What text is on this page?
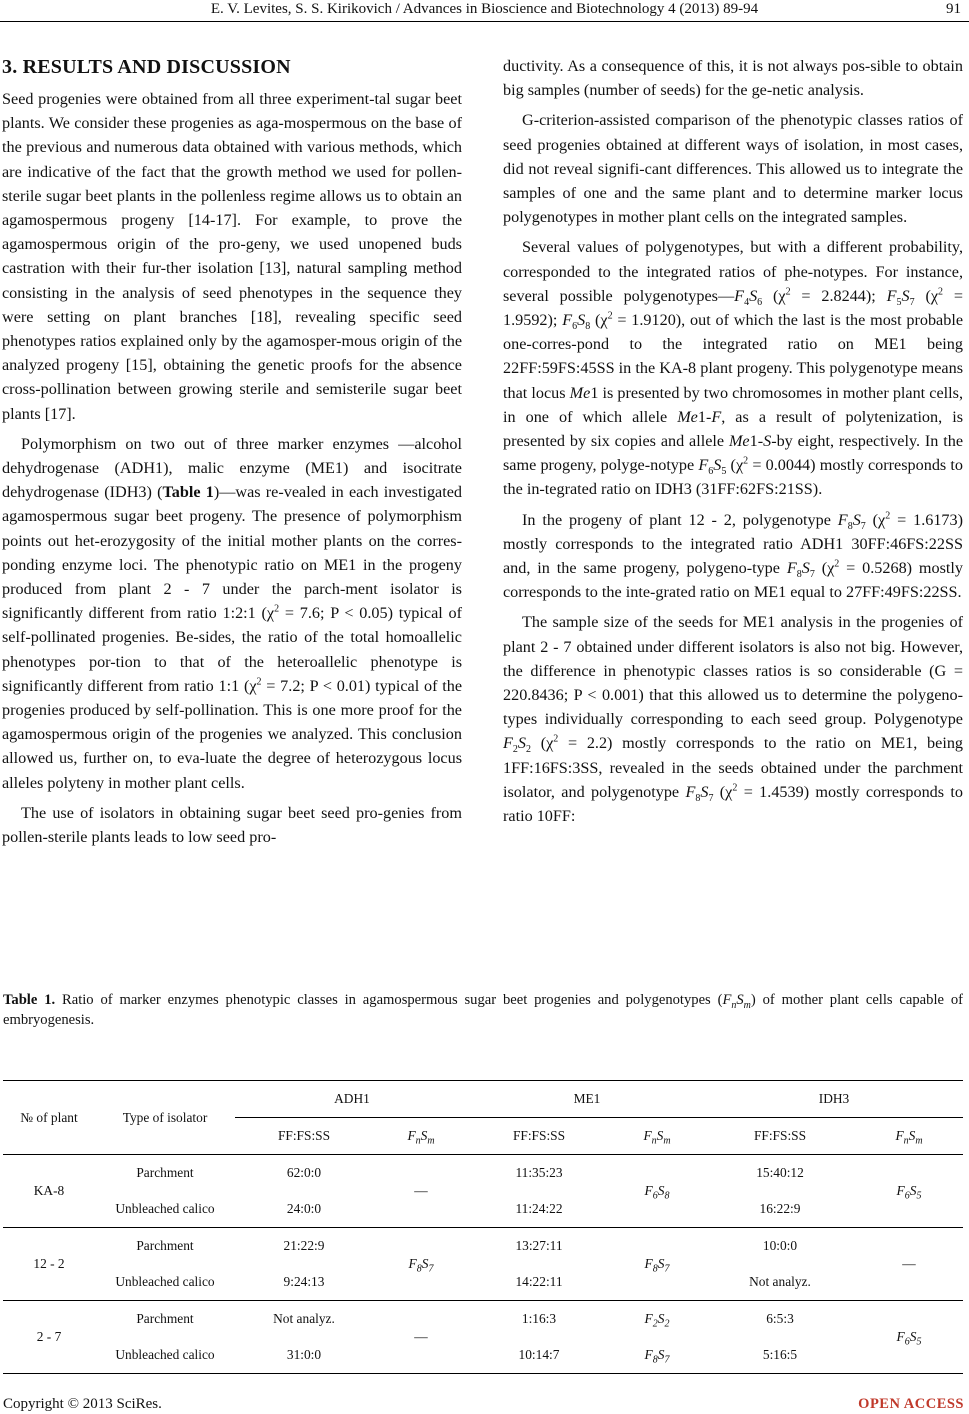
E. V. Levites, S. S. Kirikovich / Advances in Bioscience and Biotechnology 4 (2013) 89-94	91
3. RESULTS AND DISCUSSION

Seed progenies were obtained from all three experiment-tal sugar beet plants. We consider these progenies as aga-mospermous on the base of the previous and numerous data obtained with various methods, which are indicative of the fact that the growth method we used for pollen-sterile sugar beet plants in the pollenless regime allows us to obtain an agamospermous progeny [14-17]. For example, to prove the agamospermous origin of the pro-geny, we used unopened buds castration with their fur-ther isolation [13], natural sampling method consisting in the analysis of seed phenotypes in the sequence they were setting on plant branches [18], revealing specific seed phenotypes ratios explained only by the agamosper-mous origin of the analyzed progeny [15], obtaining the genetic proofs for the absence cross-pollination between growing sterile and semisterile sugar beet plants [17].

Polymorphism on two out of three marker enzymes —alcohol dehydrogenase (ADH1), malic enzyme (ME1) and isocitrate dehydrogenase (IDH3) (Table 1)—was re-vealed in each investigated agamospermous sugar beet progeny. The presence of polymorphism points out het-erozygosity of the initial mother plants on the corres-ponding enzyme loci. The phenotypic ratio on ME1 in the progeny produced from plant 2 - 7 under the parch-ment isolator is significantly different from ratio 1:2:1 ($\chi^2 = 7.6$; P < 0.05) typical of self-pollinated progenies. Be-sides, the ratio of the total homoallelic phenotypes por-tion to that of the heteroallelic phenotype is significantly different from ratio 1:1 ($\chi^2 = 7.2$; P < 0.01) typical of the progenies produced by self-pollination. This is one more proof for the agamospermous origin of the progenies we analyzed. This conclusion allowed us, further on, to eva-luate the degree of heterozygous locus alleles polyteny in mother plant cells.

The use of isolators in obtaining sugar beet seed pro-genies from pollen-sterile plants leads to low seed pro-

ductivity. As a consequence of this, it is not always pos-sible to obtain big samples (number of seeds) for the ge-netic analysis.

G-criterion-assisted comparison of the phenotypic classes ratios of seed progenies obtained at different ways of isolation, in most cases, did not reveal signifi-cant differences. This allowed us to integrate the samples of one and the same plant and to determine marker locus polygenotypes in mother plant cells on the integrated samples.

Several values of polygenotypes, but with a different probability, corresponded to the integrated ratios of phe-notypes. For instance, several possible $polygenotypes—F_4S_6$ $(\chi^2 = 2.8244)$; $F_5S_7$ $(\chi^2 = 1.9592)$; $F_6S_8$ $(\chi^2 = 1.9120)$, out of which the last is the most probable one-corres-pond to the integrated ratio on ME1 being 22FF:59FS:45SS in the KA-8 plant progeny. This polygenotype means that locus Me1 is presented by two chromosomes in mother plant cells, in one of which allele Me1-F, as a result of polytenization, is presented by six copies and allele Me1-S-by eight, respectively. In the same progeny, polyge-notype $F_6S_5$ $(\chi^2 = 0.0044)$ mostly corresponds to the in-tegrated ratio on IDH3 (31FF:62FS:21SS).

In the progeny of plant 12 - 2, polygenotype $F_8S_7$ $(\chi^2 = 1.6173)$ mostly corresponds to the integrated ratio ADH1 30FF:46FS:22SS and, in the same progeny, polygeno-type $F_8S_7$ $(\chi^2 = 0.5268)$ mostly corresponds to the inte-grated ratio on ME1 equal to 27FF:49FS:22SS.

The sample size of the seeds for ME1 analysis in the progenies of plant 2 - 7 obtained under different isolators is also not big. However, the difference in phenotypic classes ratios is so considerable (G = 220.8436; P < 0.001) that this allowed us to determine the polygeno-types individually corresponding to each seed group. Polygenotype $F_2S_2$ $(\chi^2 = 2.2)$ mostly corresponds to the ratio on ME1, being 1FF:16FS:3SS, revealed in the seeds obtained under the parchment isolator, and polygenotype $F_8S_7$ $(\chi^2 = 1.4539)$ mostly corresponds to ratio 10FF:

Table 1. Ratio of marker enzymes phenotypic classes in agamospermous sugar beet progenies and polygenotypes $(F_nS_m)$ of mother plant cells capable of embryogenesis.
№ of plant	Type of isolator	ADH1		ME1		IDH3	
		FF:FS:SS	$F_nS_m$	FF:FS:SS	$F_nS_m$	FF:FS:SS	$F_nS_m$
KA-8	Parchment	62:0:0	—	11:35:23	$F_6S_8$	15:40:12	$F_6S_5$
	Unbleached calico	24:0:0		11:24:22		16:22:9	
12 - 2	Parchment	21:22:9	$F_8S_7$	13:27:11	$F_8S_7$	10:0:0	—
	Unbleached calico	9:24:13		14:22:11		Not analyz.	
2 - 7	Parchment	Not analyz.	—	1:16:3	$F_2S_2$	6:5:3	$F_6S_5$
	Unbleached calico	31:0:0		10:14:7	$F_8S_7$	5:16:5	
Copyright © 2013 SciRes.	OPEN ACCESS
